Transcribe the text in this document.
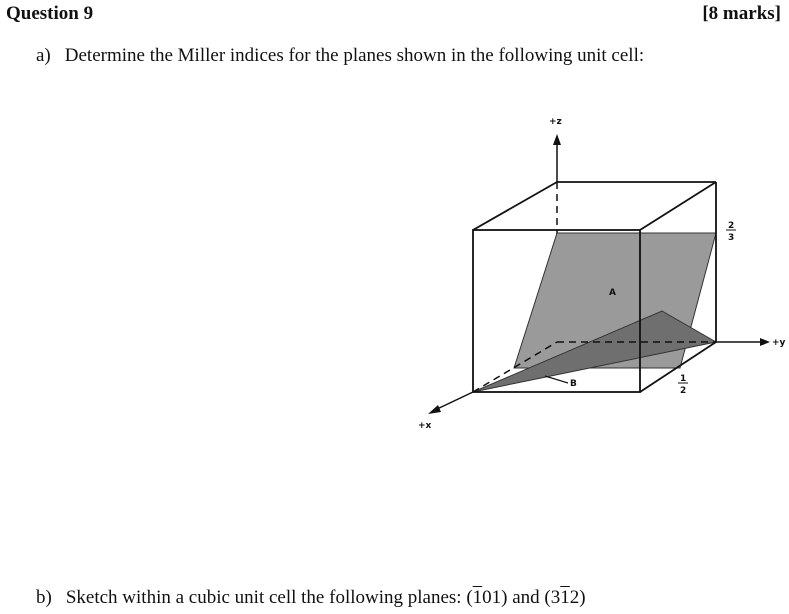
Question 9	[8 marks]
a) Determine the Miller indices for the planes shown in the following unit cell:
+z
+y
+x
A
B
2
3
1
2
b) Sketch within a cubic unit cell the following planes: (101) and (312)
